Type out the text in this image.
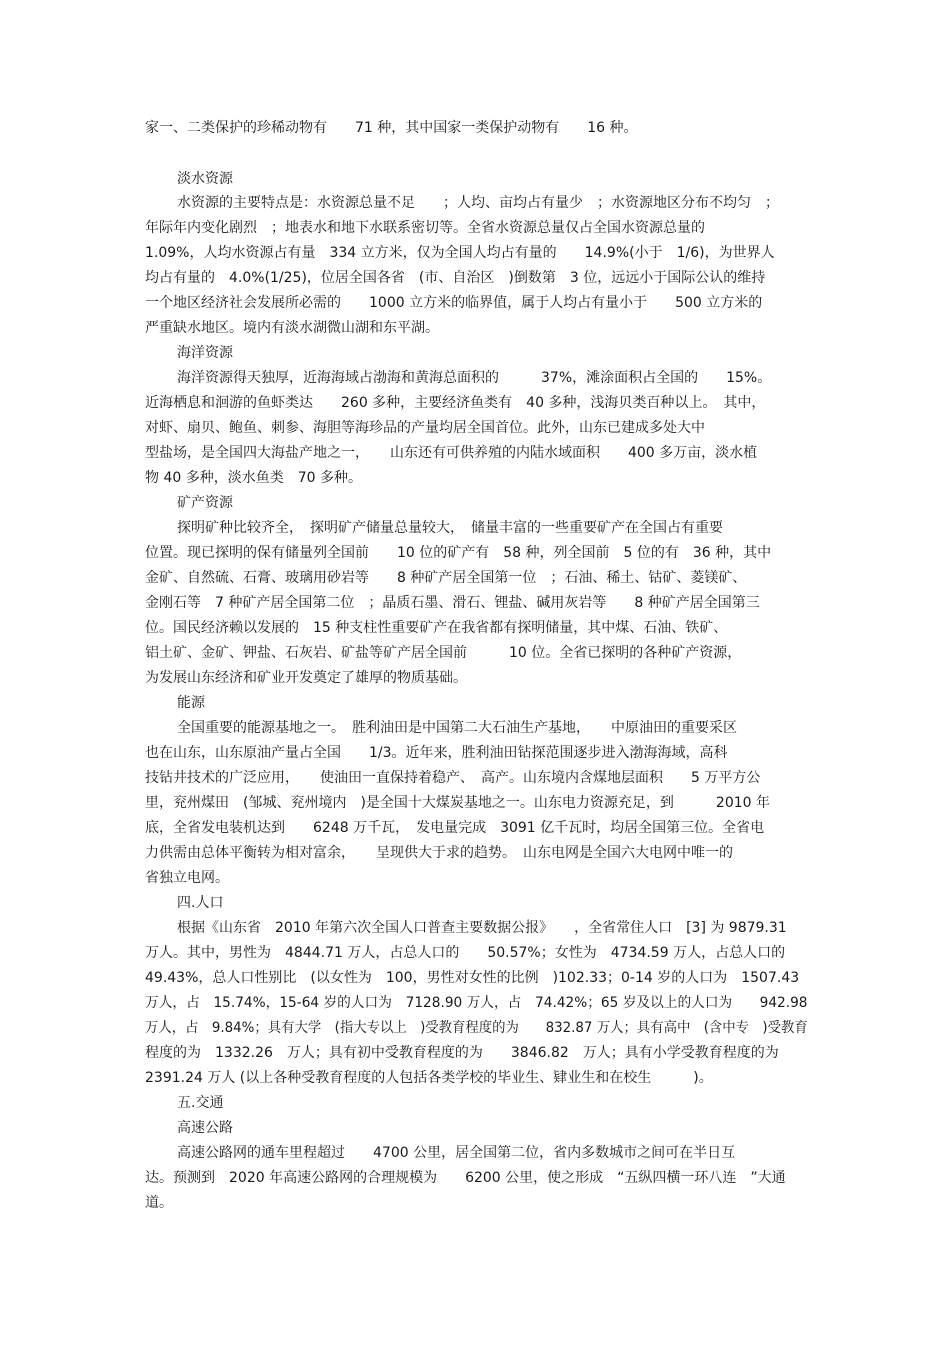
家一、二类保护的珍稀动物有　　71 种，其中国家一类保护动物有　　16 种。

淡水资源

水资源的主要特点是：水资源总量不足　　；人均、亩均占有量少　；水资源地区分布不均匀　；

年际年内变化剧烈　；地表水和地下水联系密切等。全省水资源总量仅占全国水资源总量的

1.09%，人均水资源占有量　334 立方米，仅为全国人均占有量的　　14.9%(小于　1/6)，为世界人

均占有量的　4.0%(1/25)，位居全国各省　(市、自治区　)倒数第　3 位，远远小于国际公认的维持

一个地区经济社会发展所必需的　　1000 立方米的临界值，属于人均占有量小于　　500 立方米的

严重缺水地区。境内有淡水湖微山湖和东平湖。

海洋资源

海洋资源得天独厚，近海海域占渤海和黄海总面积的　　　37%，滩涂面积占全国的　　15%。

近海栖息和洄游的鱼虾类达　　260 多种，主要经济鱼类有　40 多种，浅海贝类百种以上。　其中，

对虾、扇贝、鲍鱼、刺参、海胆等海珍品的产量均居全国首位。此外，山东已建成多处大中

型盐场，是全国四大海盐产地之一，　　山东还有可供养殖的内陆水域面积　　400 多万亩，淡水植

物 40 多种，淡水鱼类　70 多种。

矿产资源

探明矿种比较齐全，　探明矿产储量总量较大，　储量丰富的一些重要矿产在全国占有重要

位置。现已探明的保有储量列全国前　　10 位的矿产有　58 种，列全国前　5 位的有　36 种，其中

金矿、自然硫、石膏、玻璃用砂岩等　　8 种矿产居全国第一位　；石油、稀土、钴矿、菱镁矿、

金刚石等　7 种矿产居全国第二位　；晶质石墨、滑石、锂盐、碱用灰岩等　　8 种矿产居全国第三

位。国民经济赖以发展的　15 种支柱性重要矿产在我省都有探明储量，其中煤、石油、铁矿、

铝土矿、金矿、钾盐、石灰岩、矿盐等矿产居全国前　　　10 位。全省已探明的各种矿产资源，

为发展山东经济和矿业开发奠定了雄厚的物质基础。

能源

全国重要的能源基地之一。　胜利油田是中国第二大石油生产基地，　　中原油田的重要采区

也在山东，山东原油产量占全国　　1/3。近年来，胜利油田钻探范围逐步进入渤海海域，高科

技钻井技术的广泛应用，　　使油田一直保持着稳产、　高产。山东境内含煤地层面积　　5 万平方公

里，兖州煤田　(邹城、兖州境内　)是全国十大煤炭基地之一。山东电力资源充足，到　　　2010 年

底，全省发电装机达到　　6248 万千瓦，　发电量完成　3091 亿千瓦时，均居全国第三位。全省电

力供需由总体平衡转为相对富余，　　呈现供大于求的趋势。　山东电网是全国六大电网中唯一的

省独立电网。

四.人口

根据《山东省　2010 年第六次全国人口普查主要数据公报》　　，全省常住人口　[3] 为 9879.31

万人。其中，男性为　4844.71 万人，占总人口的　　50.57%；女性为　4734.59 万人，占总人口的

49.43%，总人口性别比　(以女性为　100，男性对女性的比例　)102.33；0-14 岁的人口为　1507.43

万人，占　15.74%，15-64 岁的人口为　7128.90 万人，占　74.42%；65 岁及以上的人口为　　942.98

万人，占　9.84%；具有大学　(指大专以上　)受教育程度的为　　832.87 万人；具有高中　(含中专　)受教育

程度的为　1332.26　万人；具有初中受教育程度的为　　3846.82　万人；具有小学受教育程度的为

2391.24 万人 (以上各种受教育程度的人包括各类学校的毕业生、肄业生和在校生　　　)。

五.交通

高速公路

高速公路网的通车里程超过　　4700 公里，居全国第二位，省内多数城市之间可在半日互

达。预测到　2020 年高速公路网的合理规模为　　6200 公里，使之形成　“五纵四横一环八连　”大通

道。
